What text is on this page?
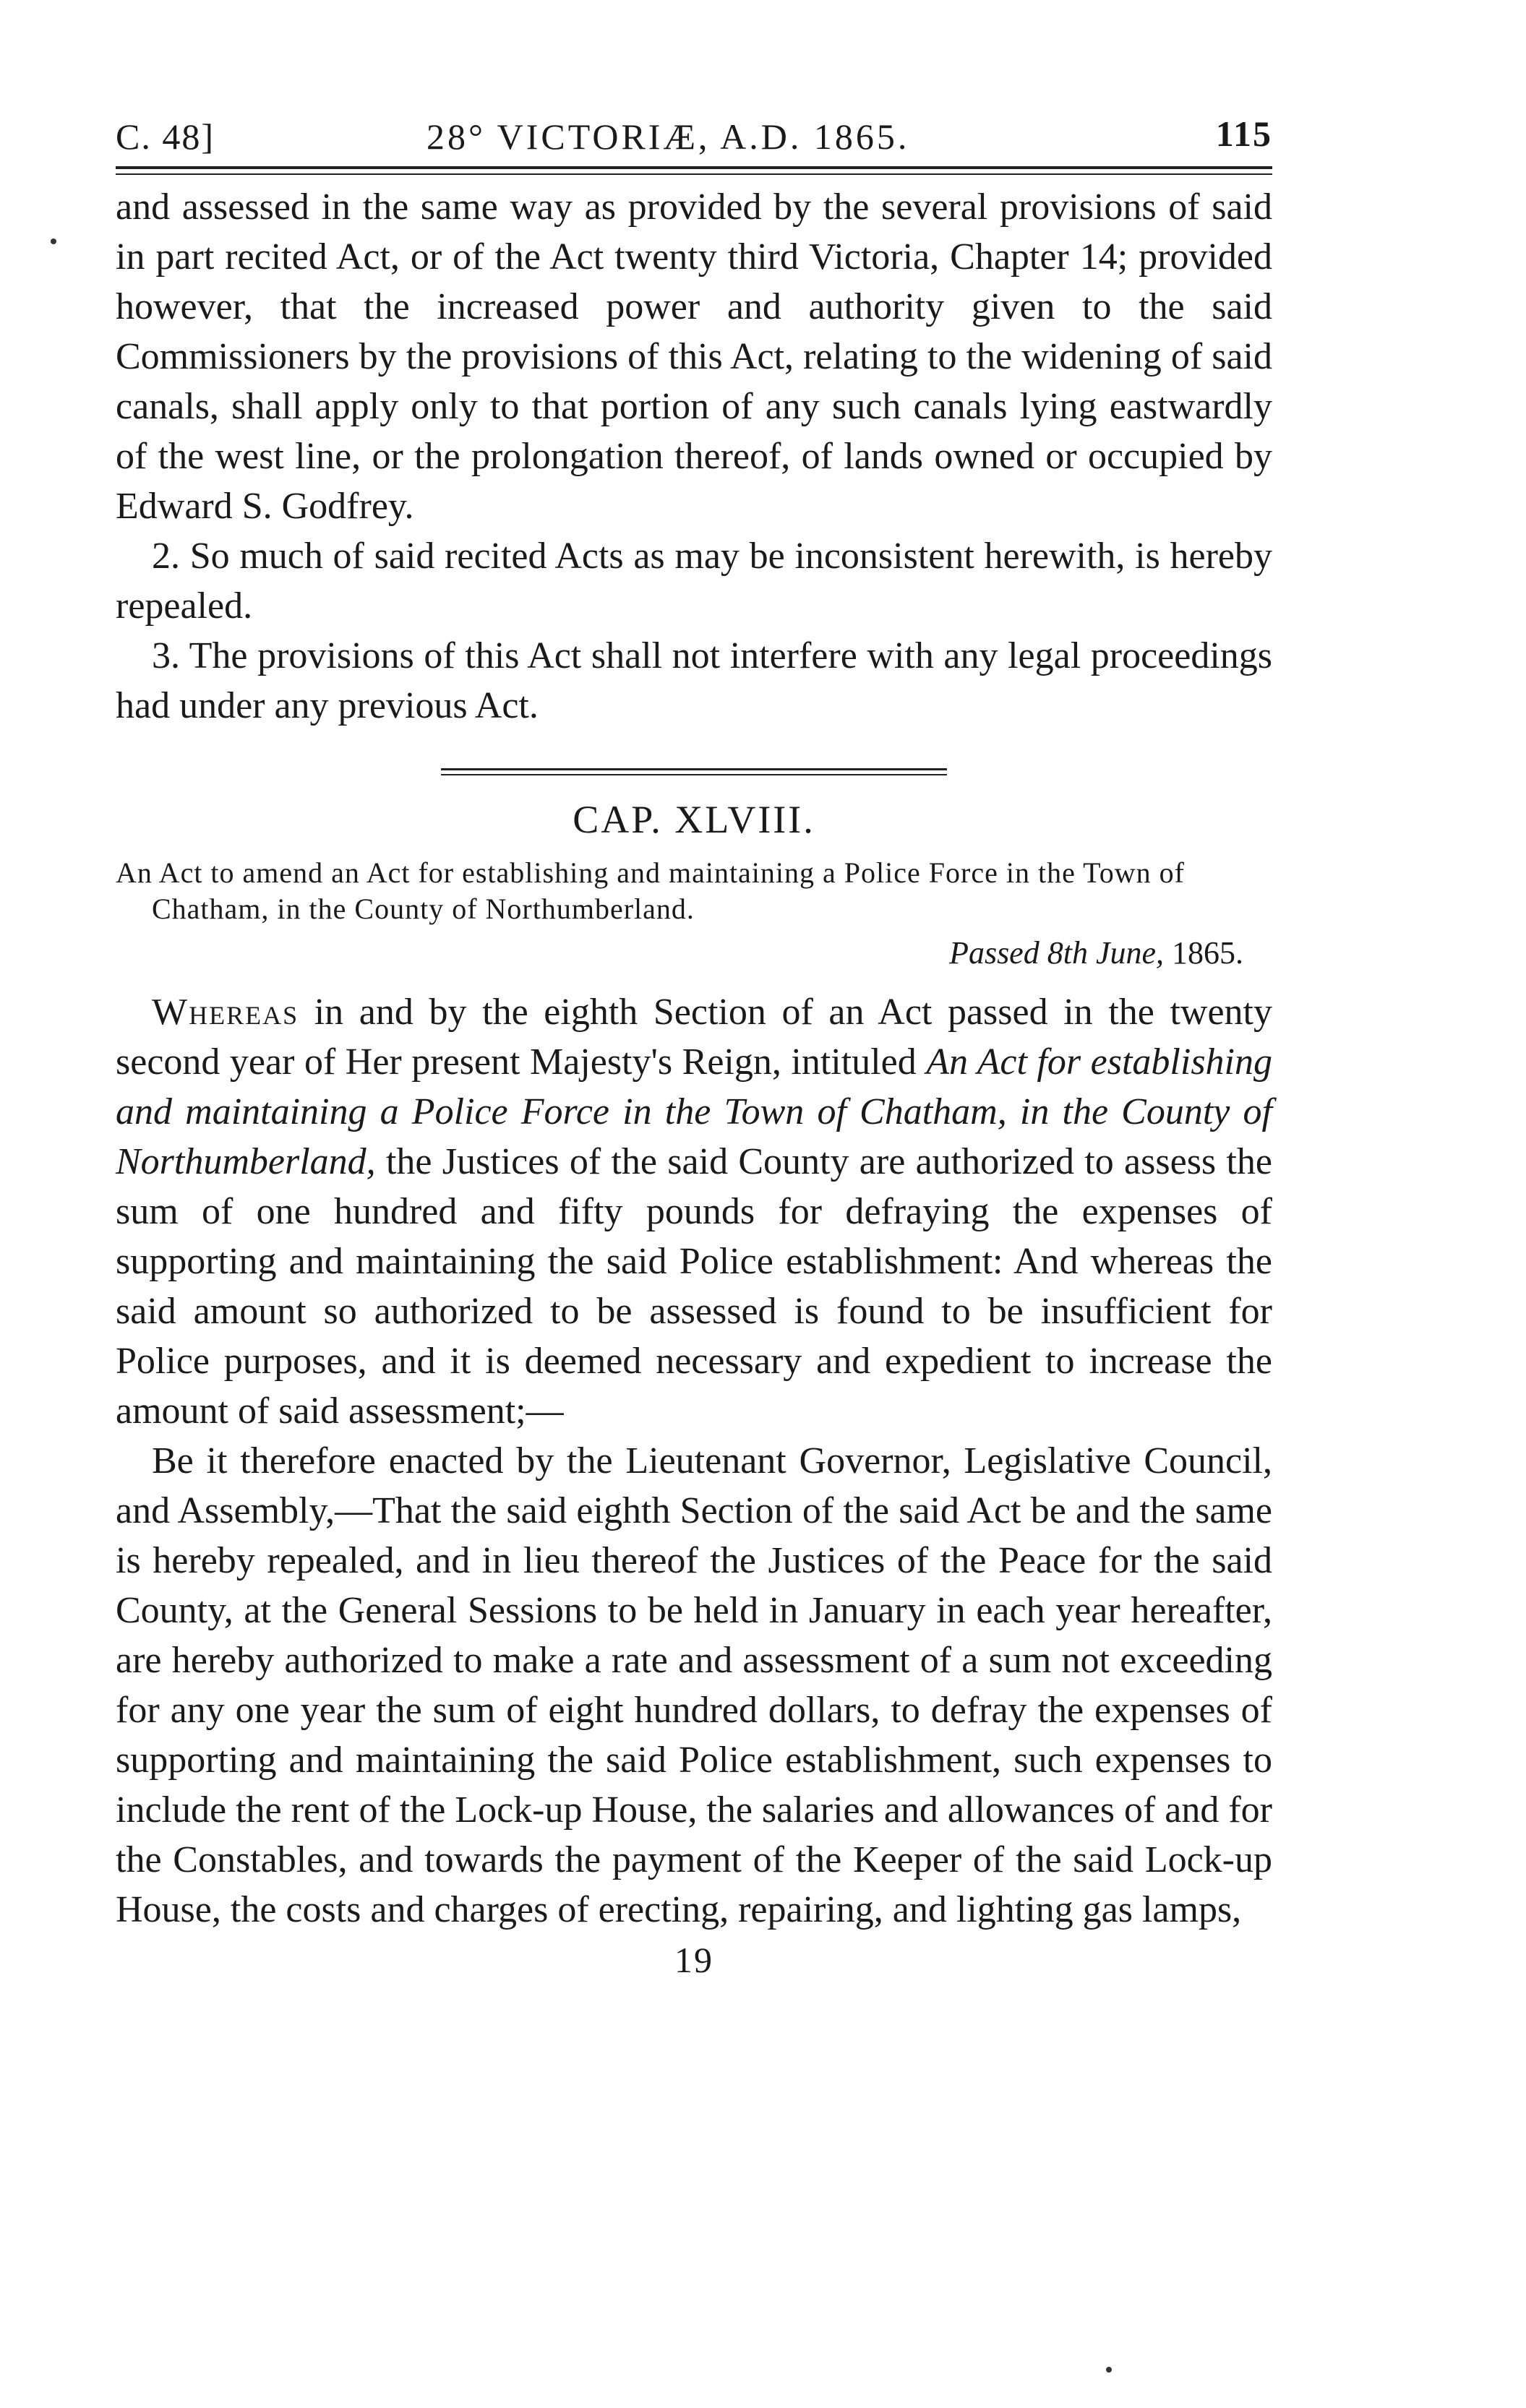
C. 48]	28° VICTORIÆ, A.D. 1865.	115

and assessed in the same way as provided by the several provisions of said in part recited Act, or of the Act twenty third Victoria, Chapter 14; provided however, that the increased power and authority given to the said Commissioners by the provisions of this Act, relating to the widening of said canals, shall apply only to that portion of any such canals lying eastwardly of the west line, or the prolongation thereof, of lands owned or occupied by Edward S. Godfrey.

2. So much of said recited Acts as may be inconsistent herewith, is hereby repealed.

3. The provisions of this Act shall not interfere with any legal proceedings had under any previous Act.

CAP. XLVIII.

An Act to amend an Act for establishing and maintaining a Police Force in the Town of Chatham, in the County of Northumberland.

Passed 8th June, 1865.

Whereas in and by the eighth Section of an Act passed in the twenty second year of Her present Majesty's Reign, intituled An Act for establishing and maintaining a Police Force in the Town of Chatham, in the County of Northumberland, the Justices of the said County are authorized to assess the sum of one hundred and fifty pounds for defraying the expenses of supporting and maintaining the said Police establishment: And whereas the said amount so authorized to be assessed is found to be insufficient for Police purposes, and it is deemed necessary and expedient to increase the amount of said assessment;—

Be it therefore enacted by the Lieutenant Governor, Legislative Council, and Assembly,—That the said eighth Section of the said Act be and the same is hereby repealed, and in lieu thereof the Justices of the Peace for the said County, at the General Sessions to be held in January in each year hereafter, are hereby authorized to make a rate and assessment of a sum not exceeding for any one year the sum of eight hundred dollars, to defray the expenses of supporting and maintaining the said Police establishment, such expenses to include the rent of the Lock-up House, the salaries and allowances of and for the Constables, and towards the payment of the Keeper of the said Lock-up House, the costs and charges of erecting, repairing, and lighting gas lamps,

19
